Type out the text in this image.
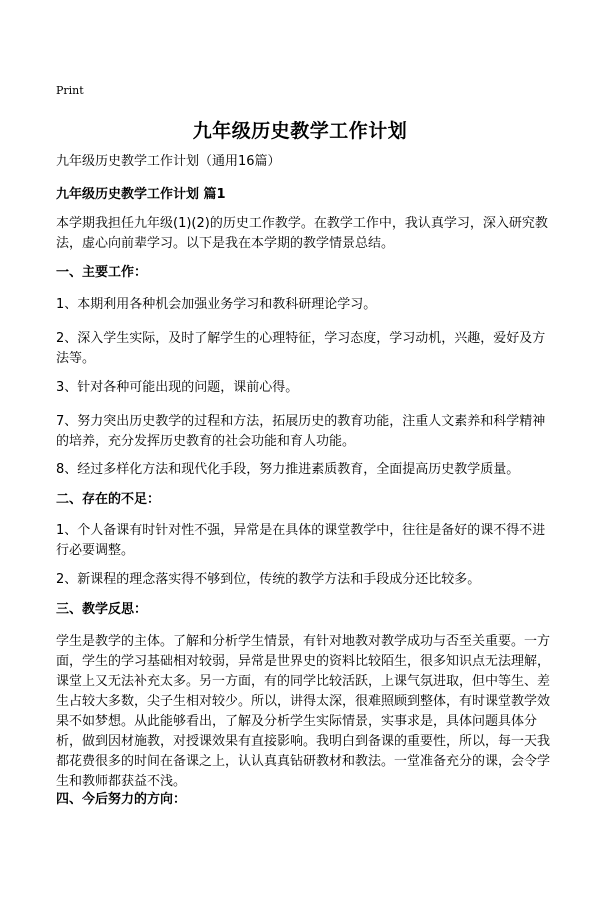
Print
九年级历史教学工作计划

九年级历史教学工作计划（通用16篇）

九年级历史教学工作计划 篇1

本学期我担任九年级(1)(2)的历史工作教学。在教学工作中，我认真学习，深入研究教法，虚心向前辈学习。以下是我在本学期的教学情景总结。

一、主要工作：

1、本期利用各种机会加强业务学习和教科研理论学习。

2、深入学生实际，及时了解学生的心理特征，学习态度，学习动机，兴趣，爱好及方法等。

3、针对各种可能出现的问题，课前心得。

7、努力突出历史教学的过程和方法，拓展历史的教育功能，注重人文素养和科学精神的培养，充分发挥历史教育的社会功能和育人功能。

8、经过多样化方法和现代化手段，努力推进素质教育，全面提高历史教学质量。

二、存在的不足：

1、个人备课有时针对性不强，异常是在具体的课堂教学中，往往是备好的课不得不进行必要调整。

2、新课程的理念落实得不够到位，传统的教学方法和手段成分还比较多。

三、教学反思：

学生是教学的主体。了解和分析学生情景，有针对地教对教学成功与否至关重要。一方面，学生的学习基础相对较弱，异常是世界史的资料比较陌生，很多知识点无法理解，课堂上又无法补充太多。另一方面，有的同学比较活跃，上课气氛进取，但中等生、差生占较大多数，尖子生相对较少。所以，讲得太深，很难照顾到整体，有时课堂教学效果不如梦想。从此能够看出，了解及分析学生实际情景，实事求是，具体问题具体分析，做到因材施教，对授课效果有直接影响。我明白到备课的重要性，所以，每一天我都花费很多的时间在备课之上，认认真真钻研教材和教法。一堂准备充分的课，会令学生和教师都获益不浅。

四、今后努力的方向：
